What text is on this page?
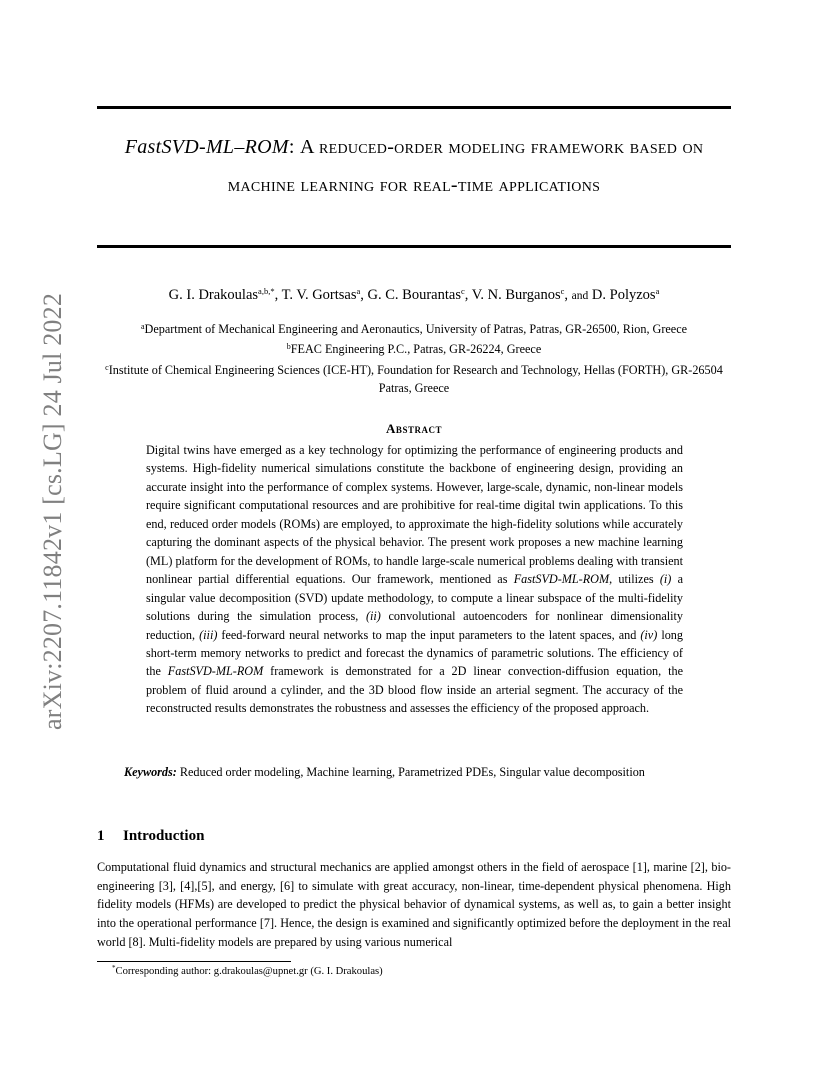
arXiv:2207.11842v1 [cs.LG] 24 Jul 2022
FastSVD-ML–ROM: A reduced-order modeling framework based on machine learning for real-time applications
G. I. Drakoulas$^{a,b,*}$, T. V. Gortsas$^a$, G. C. Bourantas$^c$, V. N. Burganos$^c$, and D. Polyzos$^a$
$^a$Department of Mechanical Engineering and Aeronautics, University of Patras, Patras, GR-26500, Rion, Greece
$^b$FEAC Engineering P.C., Patras, GR-26224, Greece
$^c$Institute of Chemical Engineering Sciences (ICE-HT), Foundation for Research and Technology, Hellas (FORTH), GR-26504 Patras, Greece
Abstract
Digital twins have emerged as a key technology for optimizing the performance of engineering products and systems. High-fidelity numerical simulations constitute the backbone of engineering design, providing an accurate insight into the performance of complex systems. However, large-scale, dynamic, non-linear models require significant computational resources and are prohibitive for real-time digital twin applications. To this end, reduced order models (ROMs) are employed, to approximate the high-fidelity solutions while accurately capturing the dominant aspects of the physical behavior. The present work proposes a new machine learning (ML) platform for the development of ROMs, to handle large-scale numerical problems dealing with transient nonlinear partial differential equations. Our framework, mentioned as FastSVD-ML-ROM, utilizes (i) a singular value decomposition (SVD) update methodology, to compute a linear subspace of the multi-fidelity solutions during the simulation process, (ii) convolutional autoencoders for nonlinear dimensionality reduction, (iii) feed-forward neural networks to map the input parameters to the latent spaces, and (iv) long short-term memory networks to predict and forecast the dynamics of parametric solutions. The efficiency of the FastSVD-ML-ROM framework is demonstrated for a 2D linear convection-diffusion equation, the problem of fluid around a cylinder, and the 3D blood flow inside an arterial segment. The accuracy of the reconstructed results demonstrates the robustness and assesses the efficiency of the proposed approach.
Keywords: Reduced order modeling, Machine learning, Parametrized PDEs, Singular value decomposition
1 Introduction
Computational fluid dynamics and structural mechanics are applied amongst others in the field of aerospace [1], marine [2], bio-engineering [3], [4],[5], and energy, [6] to simulate with great accuracy, non-linear, time-dependent physical phenomena. High fidelity models (HFMs) are developed to predict the physical behavior of dynamical systems, as well as, to gain a better insight into the operational performance [7]. Hence, the design is examined and significantly optimized before the deployment in the real world [8]. Multi-fidelity models are prepared by using various numerical
*Corresponding author: g.drakoulas@upnet.gr (G. I. Drakoulas)
